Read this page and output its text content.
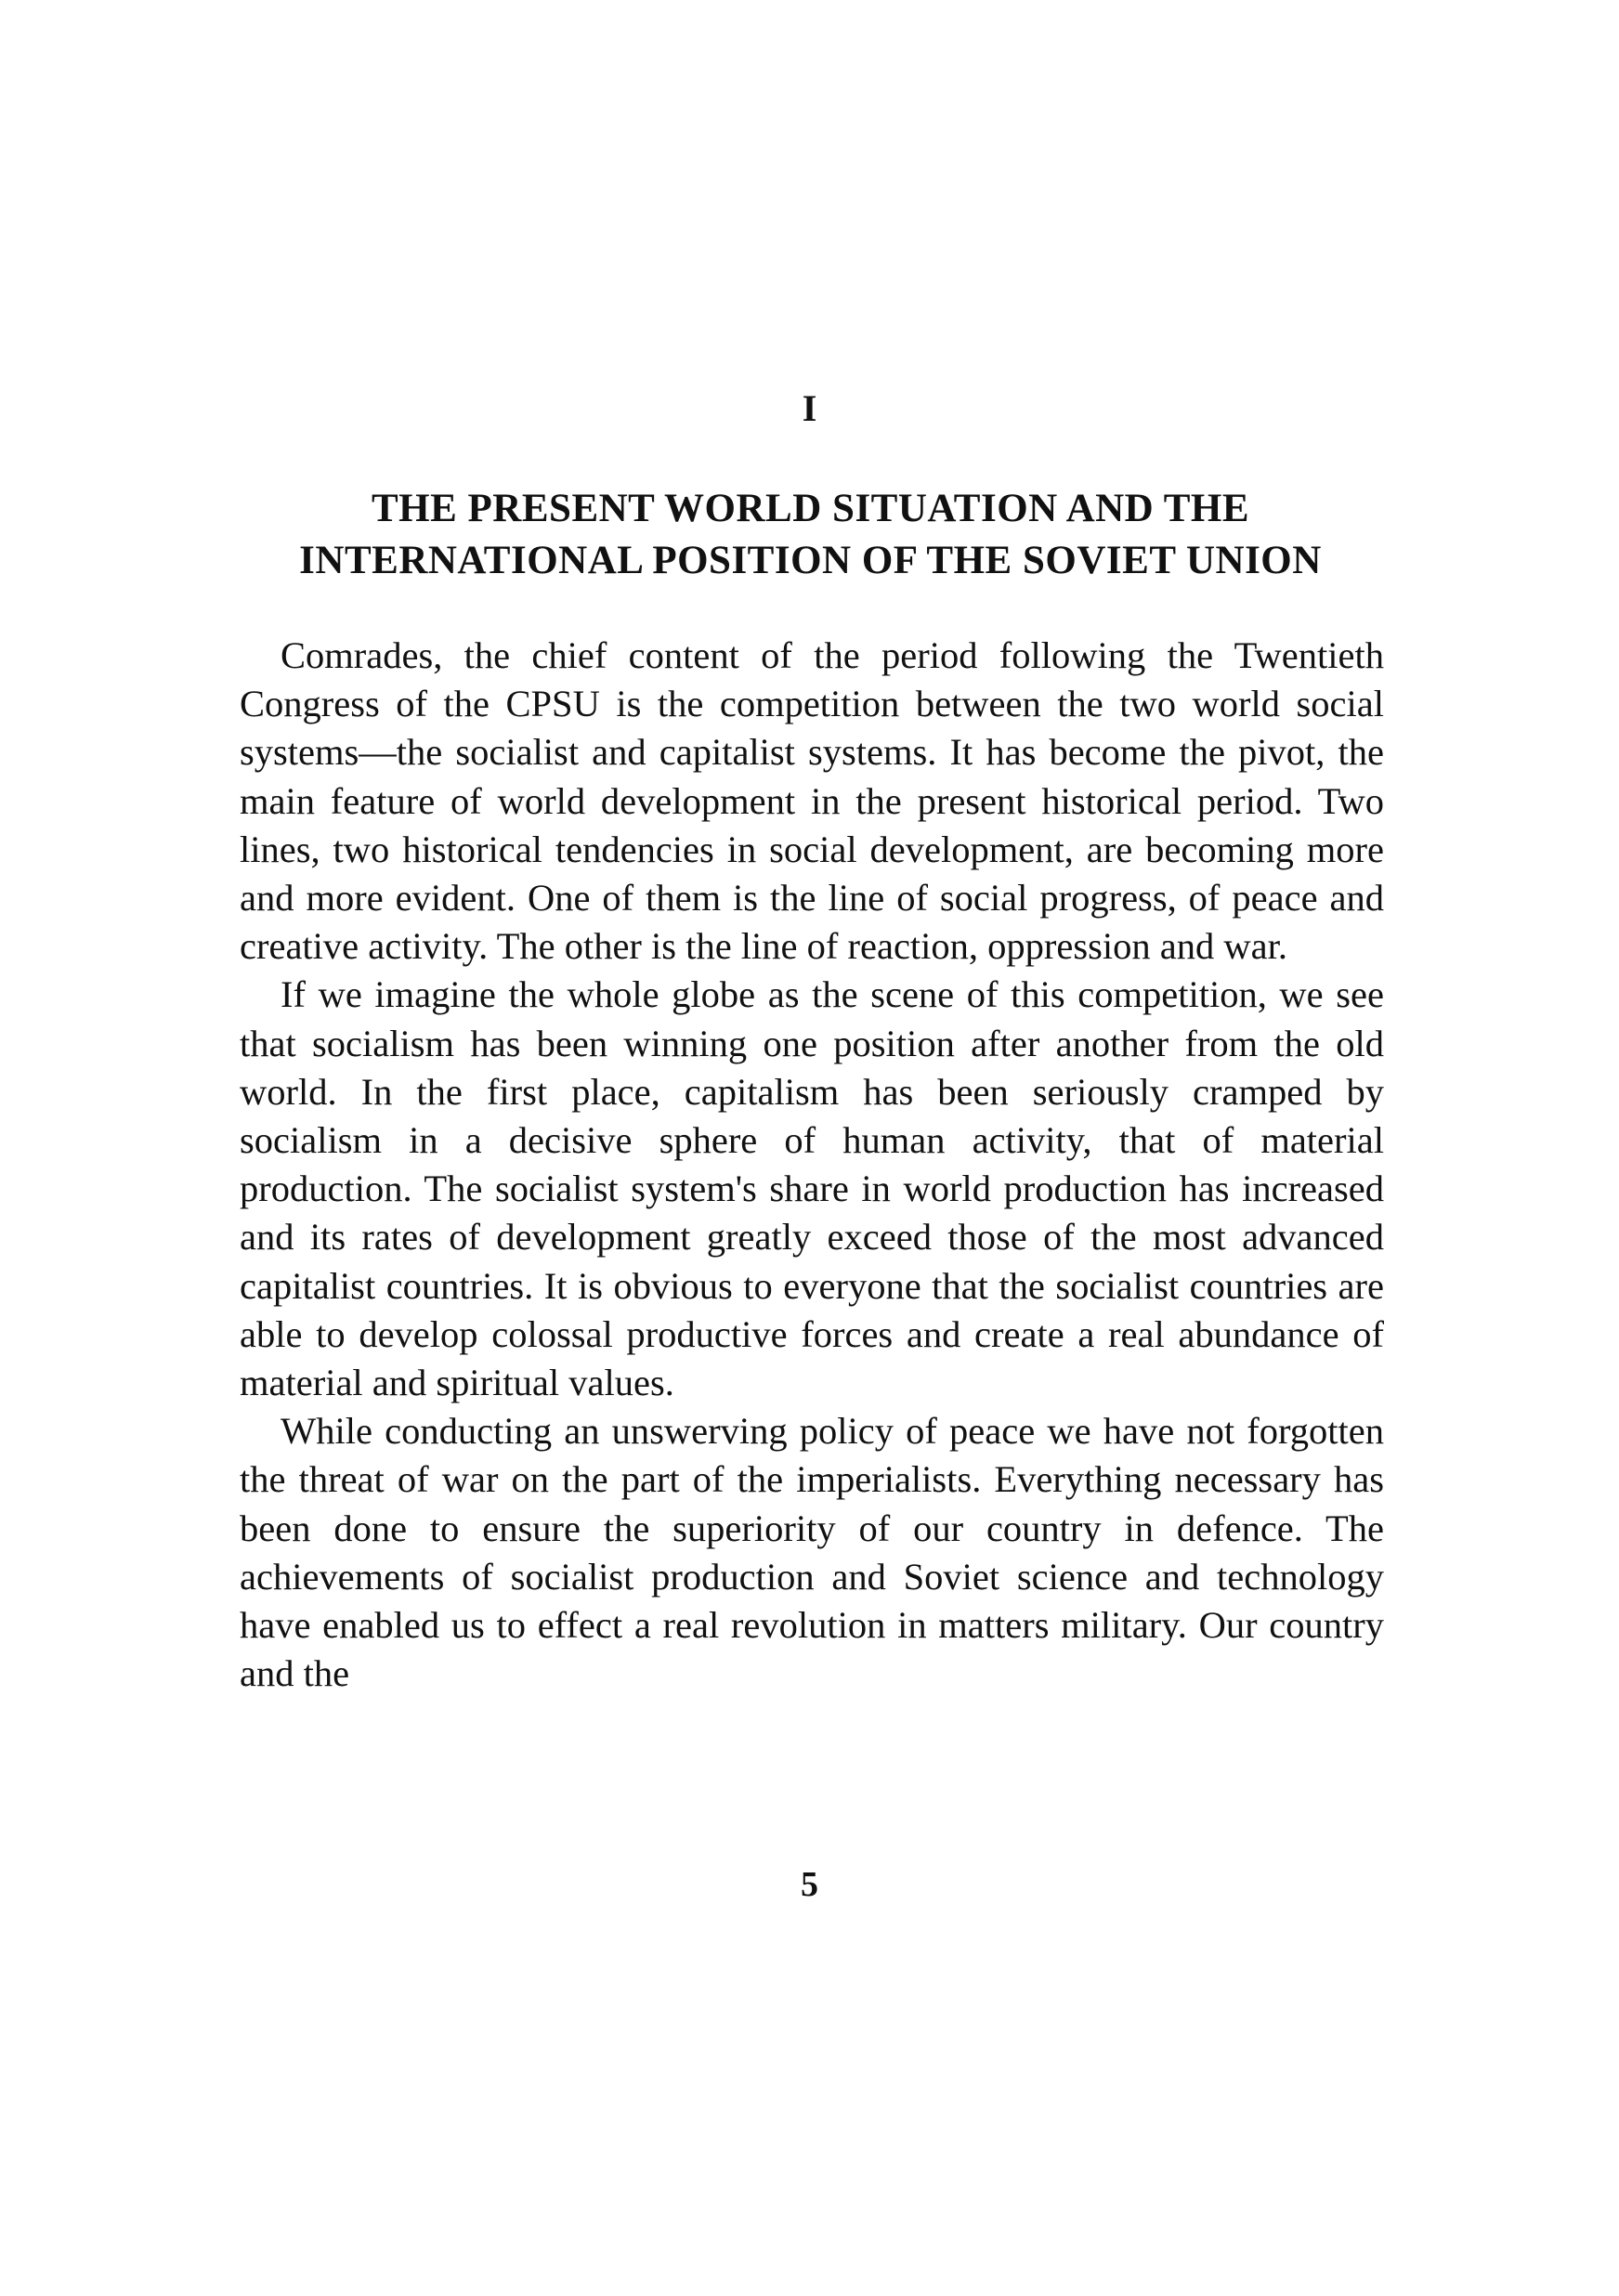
I
THE PRESENT WORLD SITUATION AND THE INTERNATIONAL POSITION OF THE SOVIET UNION

Comrades, the chief content of the period following the Twentieth Congress of the CPSU is the competition between the two world social systems—the socialist and capitalist systems. It has become the pivot, the main feature of world development in the present historical period. Two lines, two historical tendencies in social development, are becoming more and more evident. One of them is the line of social progress, of peace and creative activity. The other is the line of reaction, oppression and war.

If we imagine the whole globe as the scene of this competition, we see that socialism has been winning one position after another from the old world. In the first place, capitalism has been seriously cramped by socialism in a decisive sphere of human activity, that of material production. The socialist system's share in world production has increased and its rates of development greatly exceed those of the most advanced capitalist countries. It is obvious to everyone that the socialist countries are able to develop colossal productive forces and create a real abundance of material and spiritual values.

While conducting an unswerving policy of peace we have not forgotten the threat of war on the part of the imperialists. Everything necessary has been done to ensure the superiority of our country in defence. The achievements of socialist production and Soviet science and technology have enabled us to effect a real revolution in matters military. Our country and the

5
